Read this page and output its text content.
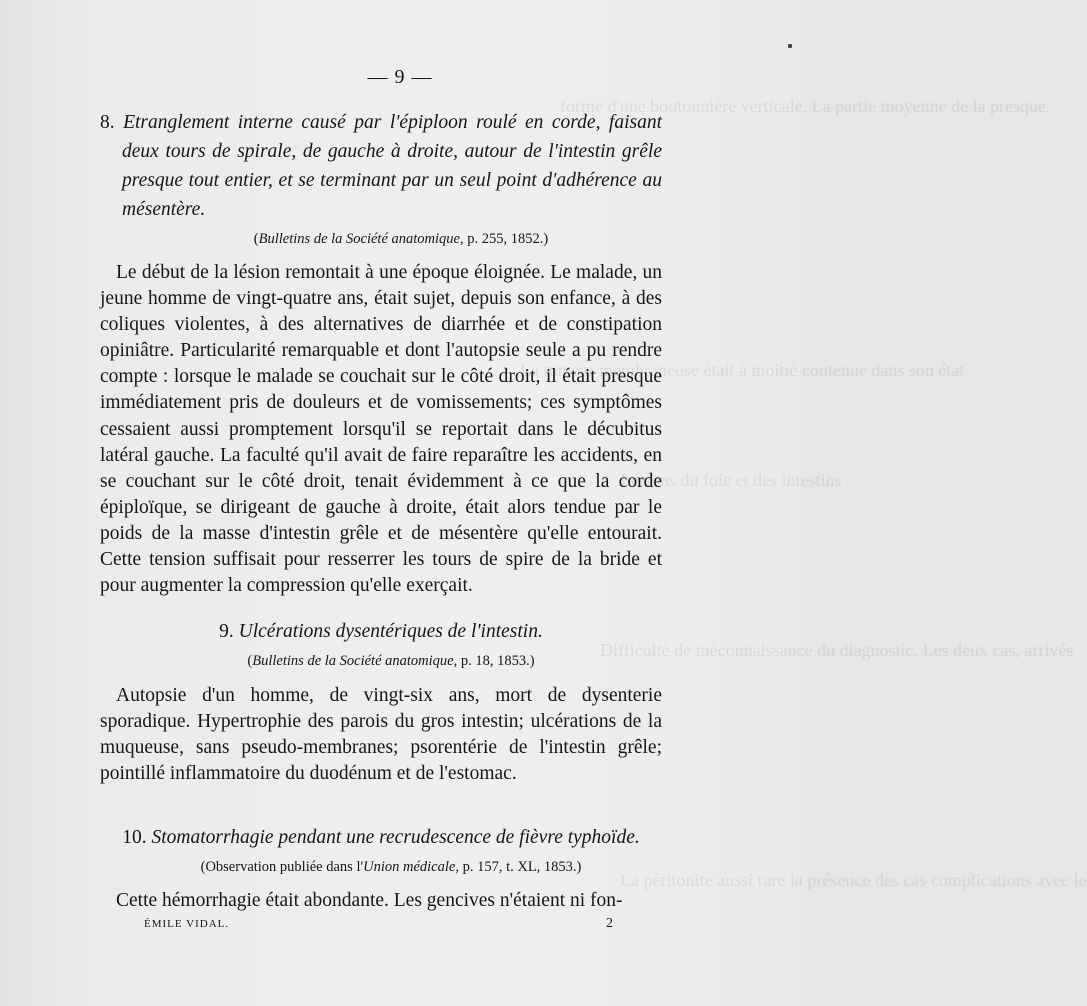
forme d'une boutonnière verticale. La partie moyenne de la presque
La tumeur membraneuse était à moitié contenue dans son état
Lésions du foie et des intestins
Difficulté de méconnaissance du diagnostic. Les deux cas, arrivés
La péritonite aussi rare la présence des cas complications avec le
— 9 —

8. Etranglement interne causé par l'épiploon roulé en corde, faisant deux tours de spirale, de gauche à droite, autour de l'intestin grêle presque tout entier, et se terminant par un seul point d'adhérence au mésentère.

(Bulletins de la Société anatomique, p. 255, 1852.)

Le début de la lésion remontait à une époque éloignée. Le malade, un jeune homme de vingt-quatre ans, était sujet, depuis son enfance, à des coliques violentes, à des alternatives de diarrhée et de constipation opiniâtre. Particularité remarquable et dont l'autopsie seule a pu rendre compte : lorsque le malade se couchait sur le côté droit, il était presque immédiatement pris de douleurs et de vomissements; ces symptômes cessaient aussi promptement lorsqu'il se reportait dans le décubitus latéral gauche. La faculté qu'il avait de faire reparaître les accidents, en se couchant sur le côté droit, tenait évidemment à ce que la corde épiploïque, se dirigeant de gauche à droite, était alors tendue par le poids de la masse d'intestin grêle et de mésentère qu'elle entourait. Cette tension suffisait pour resserrer les tours de spire de la bride et pour augmenter la compression qu'elle exerçait.

9. Ulcérations dysentériques de l'intestin.

(Bulletins de la Société anatomique, p. 18, 1853.)

Autopsie d'un homme, de vingt-six ans, mort de dysenterie sporadique. Hypertrophie des parois du gros intestin; ulcérations de la muqueuse, sans pseudo-membranes; psorentérie de l'intestin grêle; pointillé inflammatoire du duodénum et de l'estomac.

10. Stomatorrhagie pendant une recrudescence de fièvre typhoïde.

(Observation publiée dans l'Union médicale, p. 157, t. XL, 1853.)

Cette hémorrhagie était abondante. Les gencives n'étaient ni fon-

ÉMILE VIDAL.	2
